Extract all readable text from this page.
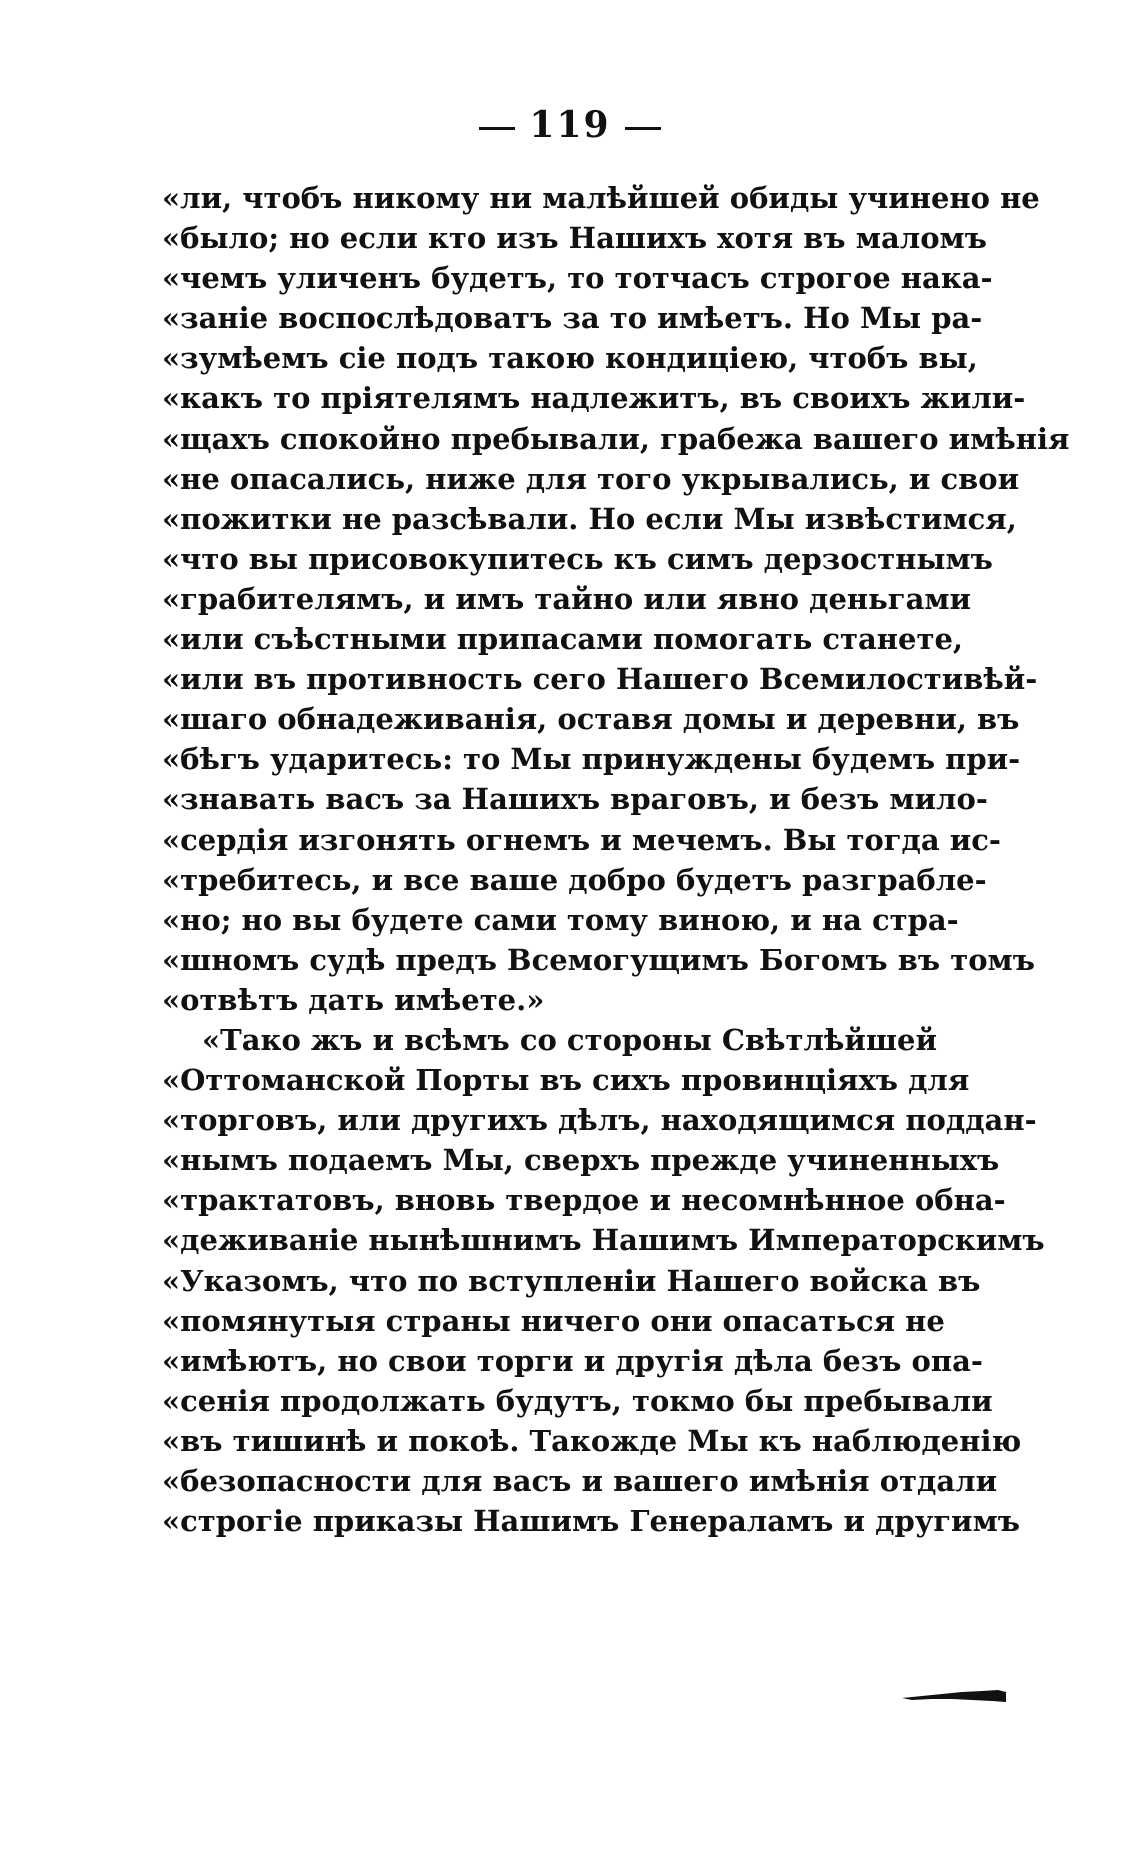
119
«ли, чтобъ никому ни малѣйшей обиды учинено не
«было; но если кто изъ Нашихъ хотя въ маломъ
«чемъ уличенъ будетъ, то тотчасъ строгое нака-
«заніе воспослѣдоватъ за то имѣетъ. Но Мы ра-
«зумѣемъ сіе подъ такою кондиціею, чтобъ вы,
«какъ то пріятелямъ надлежитъ, въ своихъ жили-
«щахъ спокойно пребывали, грабежа вашего имѣнія
«не опасались, ниже для того укрывались, и свои
«пожитки не разсѣвали. Но если Мы извѣстимся,
«что вы присовокупитесь къ симъ дерзостнымъ
«грабителямъ, и имъ тайно или явно деньгами
«или съѣстными припасами помогать станете,
«или въ противность сего Нашего Всемилостивѣй-
«шаго обнадеживанія, оставя домы и деревни, въ
«бѣгъ ударитесь: то Мы принуждены будемъ при-
«знавать васъ за Нашихъ враговъ, и безъ мило-
«сердія изгонять огнемъ и мечемъ. Вы тогда ис-
«требитесь, и все ваше добро будетъ разграбле-
«но; но вы будете сами тому виною, и на стра-
«шномъ судѣ предъ Всемогущимъ Богомъ въ томъ
«отвѣтъ дать имѣете.»
«Тако жъ и всѣмъ со стороны Свѣтлѣйшей
«Оттоманской Порты въ сихъ провинціяхъ для
«торговъ, или другихъ дѣлъ, находящимся поддан-
«нымъ подаемъ Мы, сверхъ прежде учиненныхъ
«трактатовъ, вновь твердое и несомнѣнное обна-
«деживаніе нынѣшнимъ Нашимъ Императорскимъ
«Указомъ, что по вступленіи Нашего войска въ
«помянутыя страны ничего они опасаться не
«имѣютъ, но свои торги и другія дѣла безъ опа-
«сенія продолжать будутъ, токмо бы пребывали
«въ тишинѣ и покоѣ. Такожде Мы къ наблюденію
«безопасности для васъ и вашего имѣнія отдали
«строгіе приказы Нашимъ Генераламъ и другимъ
